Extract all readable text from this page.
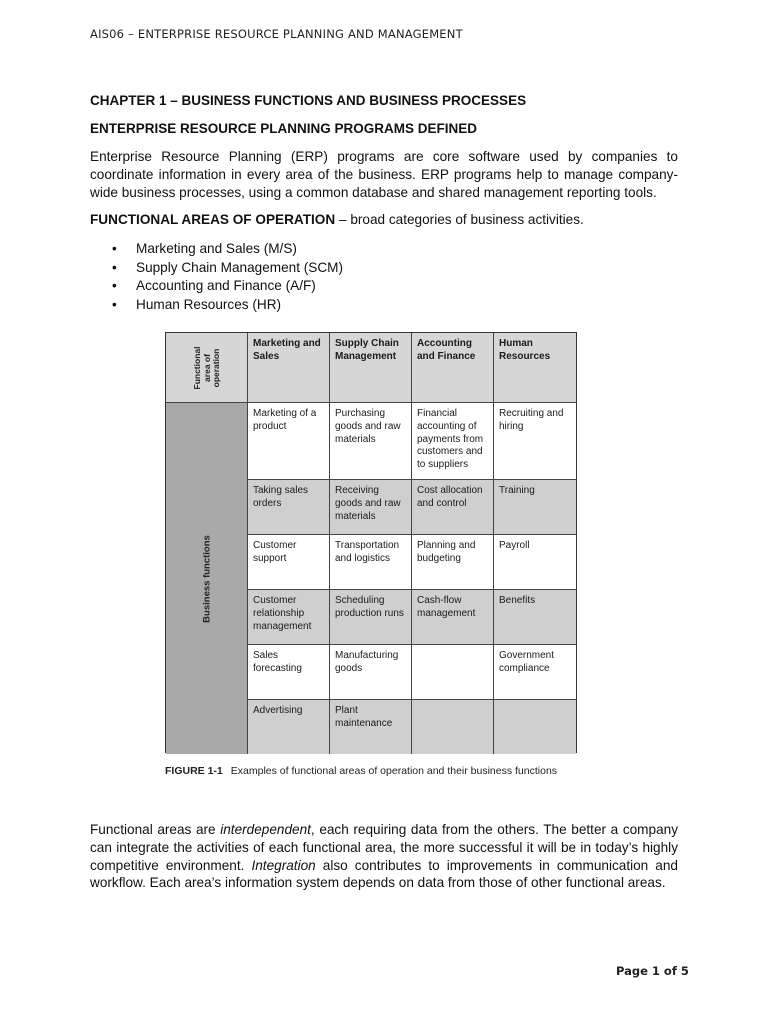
AIS06 – ENTERPRISE RESOURCE PLANNING AND MANAGEMENT
CHAPTER 1 – BUSINESS FUNCTIONS AND BUSINESS PROCESSES
ENTERPRISE RESOURCE PLANNING PROGRAMS DEFINED
Enterprise Resource Planning (ERP) programs are core software used by companies to coordinate information in every area of the business. ERP programs help to manage company-wide business processes, using a common database and shared management reporting tools.
FUNCTIONAL AREAS OF OPERATION – broad categories of business activities.
• Marketing and Sales (M/S)
• Supply Chain Management (SCM)
• Accounting and Finance (A/F)
• Human Resources (HR)
Functional area of operation
Marketing and Sales
Supply Chain Management
Accounting and Finance
Human Resources
Business functions
Marketing of a product
Purchasing goods and raw materials
Financial accounting of payments from customers and to suppliers
Recruiting and hiring
Taking sales orders
Receiving goods and raw materials
Cost allocation and control
Training
Customer support
Transportation and logistics
Planning and budgeting
Payroll
Customer relationship management
Scheduling production runs
Cash-flow management
Benefits
Sales forecasting
Manufacturing goods
Government compliance
Advertising	Plant maintenance
FIGURE 1-1 Examples of functional areas of operation and their business functions
Functional areas are interdependent, each requiring data from the others. The better a company can integrate the activities of each functional area, the more successful it will be in today’s highly competitive environment. Integration also contributes to improvements in communication and workflow. Each area’s information system depends on data from those of other functional areas.
Page 1 of 5
